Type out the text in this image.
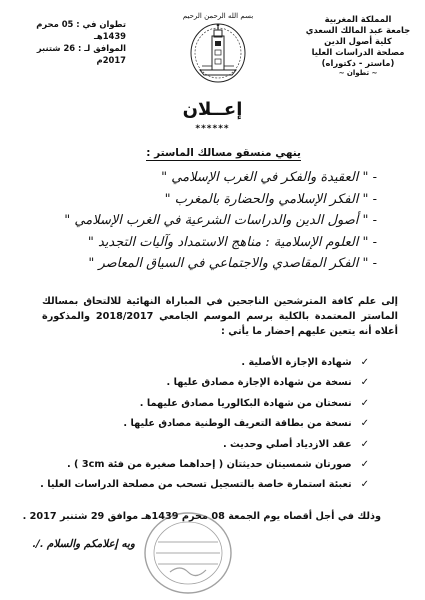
المملكة المغربية
جامعة عبد المالك السعدي
كلية أصول الدين
مصلحة الدراسات العليا
(ماستر - دكتوراه)
~ تطوان ~
بسم الله الرحمن الرحيم
تطوان في : 05 محرم 1439هـ
الموافق لـ : 26 شتنبر 2017م
إعــلان
******
ينهي منسقو مسالك الماستر :
- " العقيدة والفكر في الغرب الإسلامي "
- " الفكر الإسلامي والحضارة بالمغرب "
- " أصول الدين والدراسات الشرعية في الغرب الإسلامي "
- " العلوم الإسلامية : مناهج الاستمداد وآليات التجديد "
- " الفكر المقاصدي والاجتماعي في السياق المعاصر "
إلى علم كافة المترشحين الناجحين في المباراة النهائية للالتحاق بمسالك الماستر المعتمدة بالكلية برسم الموسم الجامعي 2018/2017 والمذكورة أعلاه أنه يتعين عليهم إحضار ما يأتي :
✓
شهادة الإجازة الأصلية .
✓
نسخة من شهادة الإجازة مصادق عليها .
✓
نسختان من شهادة البكالوريا مصادق عليهما .
✓
نسخة من بطاقة التعريف الوطنية مصادق عليها .
✓
عقد الازدياد أصلي وحديث .
✓
صورتان شمسيتان حديثتان ( إحداهما صغيرة من فئة 3cm ) .
✓
تعبئة استمارة خاصة بالتسجيل تسحب من مصلحة الدراسات العليا .
وذلك في أجل أقصاه يوم الجمعة 08 محرم 1439هـ موافق 29 شتنبر 2017 .
وبه إعلامكم والسلام ./.
